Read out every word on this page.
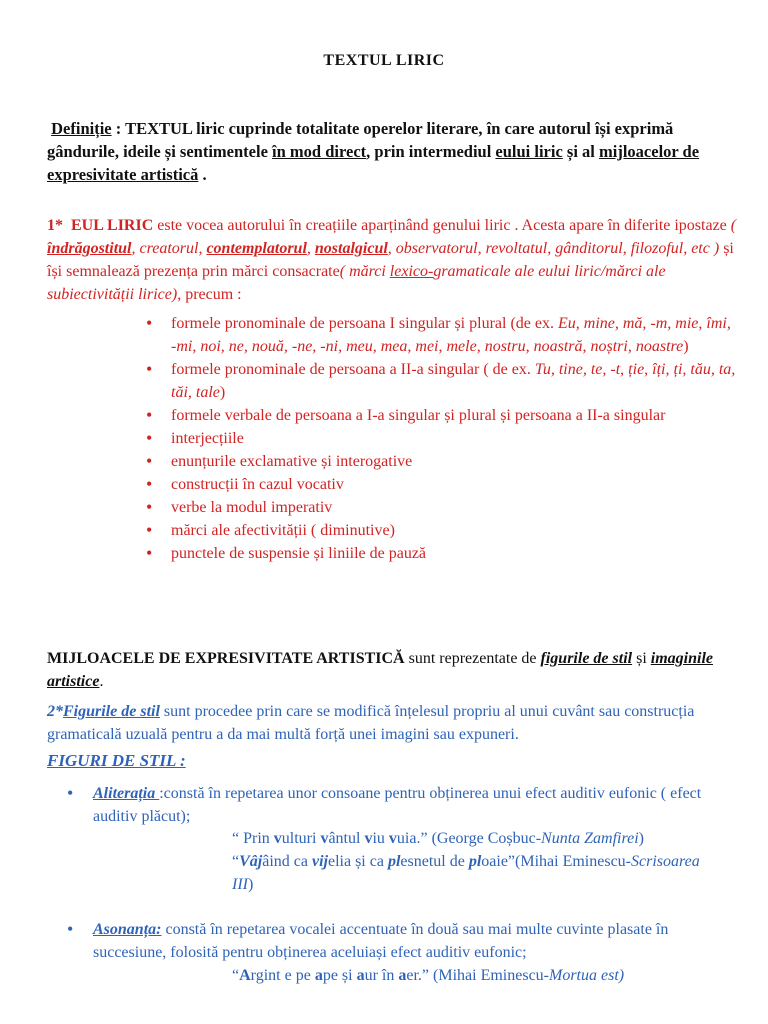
TEXTUL LIRIC
Definiție : TEXTUL liric cuprinde totalitate operelor literare, în care autorul își exprimă gândurile, ideile și sentimentele în mod direct, prin intermediul eului liric și al mijloacelor de expresivitate artistică .
1* EUL LIRIC este vocea autorului în creațiile aparținând genului liric . Acesta apare în diferite ipostaze ( îndrăgostitul, creatorul, contemplatorul, nostalgicul, observatorul, revoltatul, gânditorul, filozoful, etc ) și își semnalează prezența prin mărci consacrate( mărci lexico-gramaticale ale eului liric/mărci ale subiectivității lirice), precum :
• formele pronominale de persoana I singular și plural (de ex. Eu, mine, mă, -m, mie, îmi, -mi, noi, ne, nouă, -ne, -ni, meu, mea, mei, mele, nostru, noastră, noștri, noastre)
• formele pronominale de persoana a II-a singular ( de ex. Tu, tine, te, -t, ție, îți, ți, tău, ta, tăi, tale)
• formele verbale de persoana a I-a singular și plural și persoana a II-a singular
• interjecțiile
• enunțurile exclamative și interogative
• construcții în cazul vocativ
• verbe la modul imperativ
• mărci ale afectivității ( diminutive)
• punctele de suspensie și liniile de pauză
MIJLOACELE DE EXPRESIVITATE ARTISTICĂ sunt reprezentate de figurile de stil și imaginile artistice.
2*Figurile de stil sunt procedee prin care se modifică înțelesul propriu al unui cuvânt sau construcția gramaticală uzuală pentru a da mai multă forță unei imagini sau expuneri.
FIGURI DE STIL :
• Aliterația :constă în repetarea unor consoane pentru obținerea unui efect auditiv eufonic ( efect auditiv plăcut);
“ Prin vulturi vântul viu vuia.” (George Coșbuc-Nunta Zamfirei)
“Vâjâind ca vijelia și ca plesnetul de ploaie”(Mihai Eminescu-Scrisoarea III)
• Asonanța: constă în repetarea vocalei accentuate în două sau mai multe cuvinte plasate în succesiune, folosită pentru obținerea aceluiași efect auditiv eufonic;
“Argint e pe ape și aur în aer.” (Mihai Eminescu-Mortua est)
